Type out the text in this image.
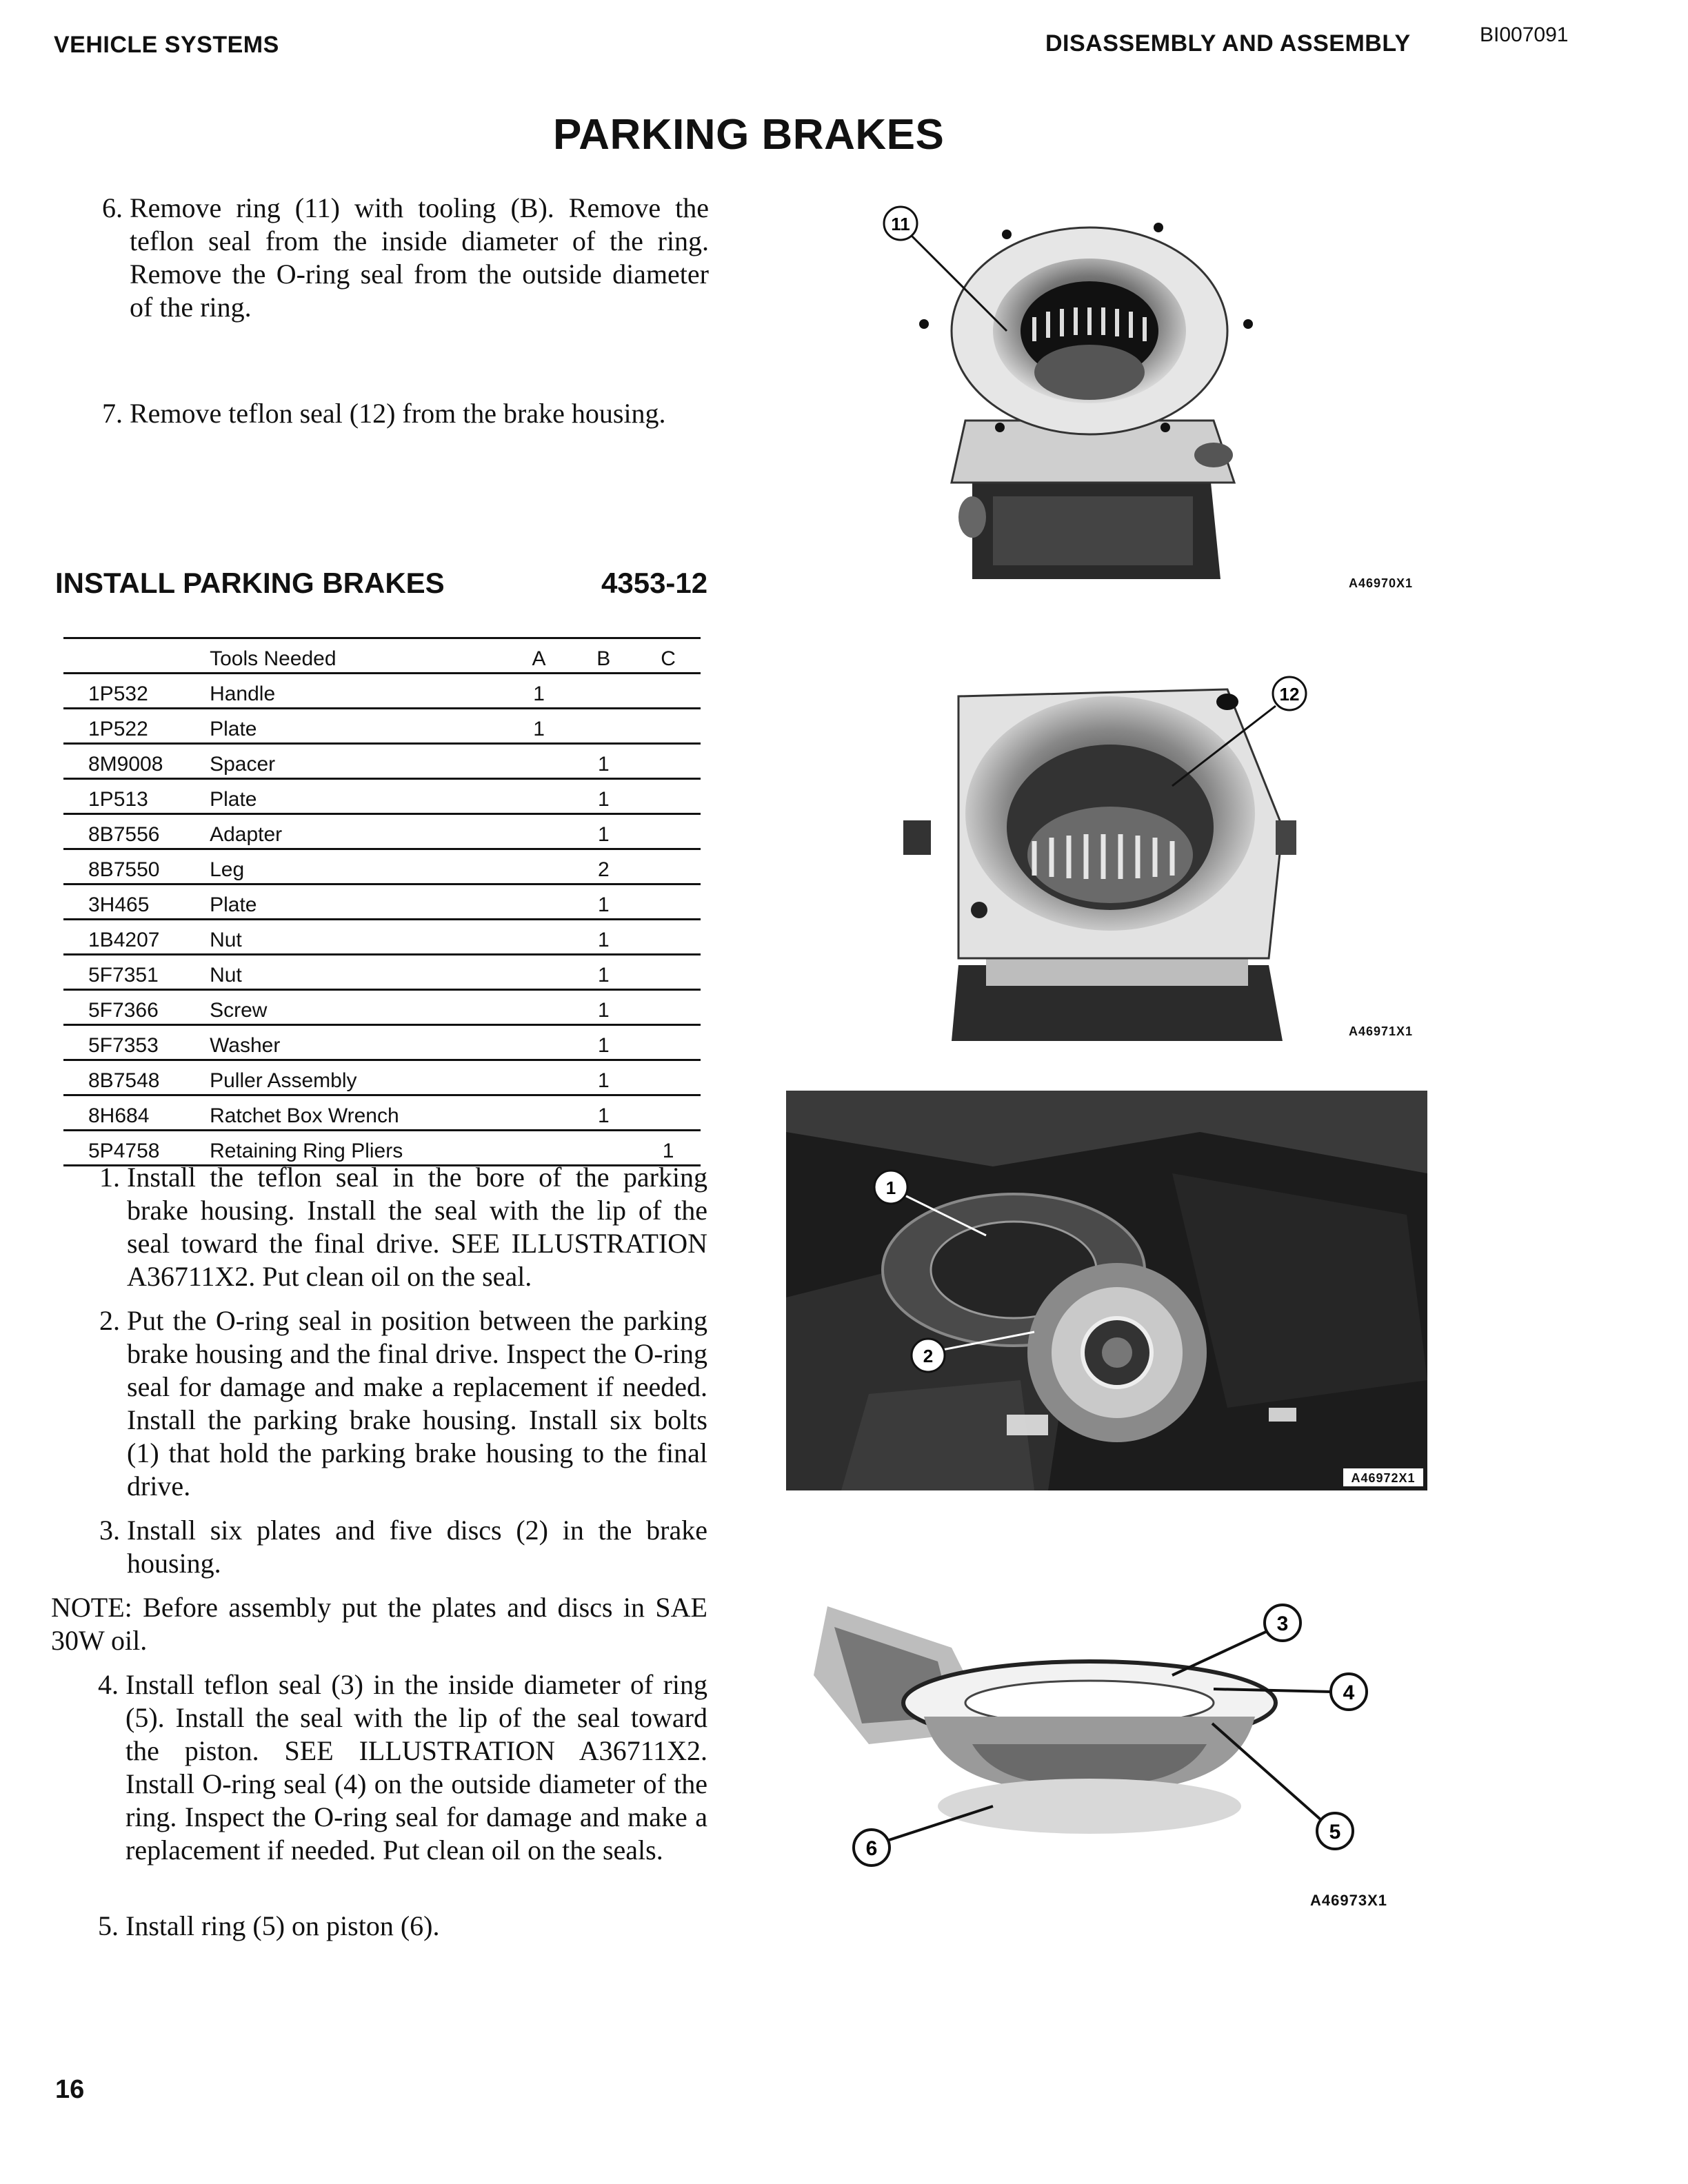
VEHICLE SYSTEMS	DISASSEMBLY AND ASSEMBLY	BI007091
PARKING BRAKES
6. Remove ring (11) with tooling (B). Remove the teflon seal from the inside diameter of the ring. Remove the O-ring seal from the outside diameter of the ring.
7. Remove teflon seal (12) from the brake housing.
INSTALL PARKING BRAKES	4353-12
	Tools Needed	A	B	C
1P532	Handle	1		
1P522	Plate	1		
8M9008	Spacer		1	
1P513	Plate		1	
8B7556	Adapter		1	
8B7550	Leg		2	
3H465	Plate		1	
1B4207	Nut		1	
5F7351	Nut		1	
5F7366	Screw		1	
5F7353	Washer		1	
8B7548	Puller Assembly		1	
8H684	Ratchet Box Wrench		1	
5P4758	Retaining Ring Pliers			1
1. Install the teflon seal in the bore of the parking brake housing. Install the seal with the lip of the seal toward the final drive. SEE ILLUSTRATION A36711X2. Put clean oil on the seal.
2. Put the O-ring seal in position between the parking brake housing and the final drive. Inspect the O-ring seal for damage and make a replacement if needed. Install the parking brake housing. Install six bolts (1) that hold the parking brake housing to the final drive.
3. Install six plates and five discs (2) in the brake housing.
NOTE: Before assembly put the plates and discs in SAE 30W oil.
4. Install teflon seal (3) in the inside diameter of ring (5). Install the seal with the lip of the seal toward the piston. SEE ILLUSTRATION A36711X2. Install O-ring seal (4) on the outside diameter of the ring. Inspect the O-ring seal for damage and make a replacement if needed. Put clean oil on the seals.
5. Install ring (5) on piston (6).
11
A46970X1
12
A46971X1
1
2
A46972X1
3
4
5
6
A46973X1
16
